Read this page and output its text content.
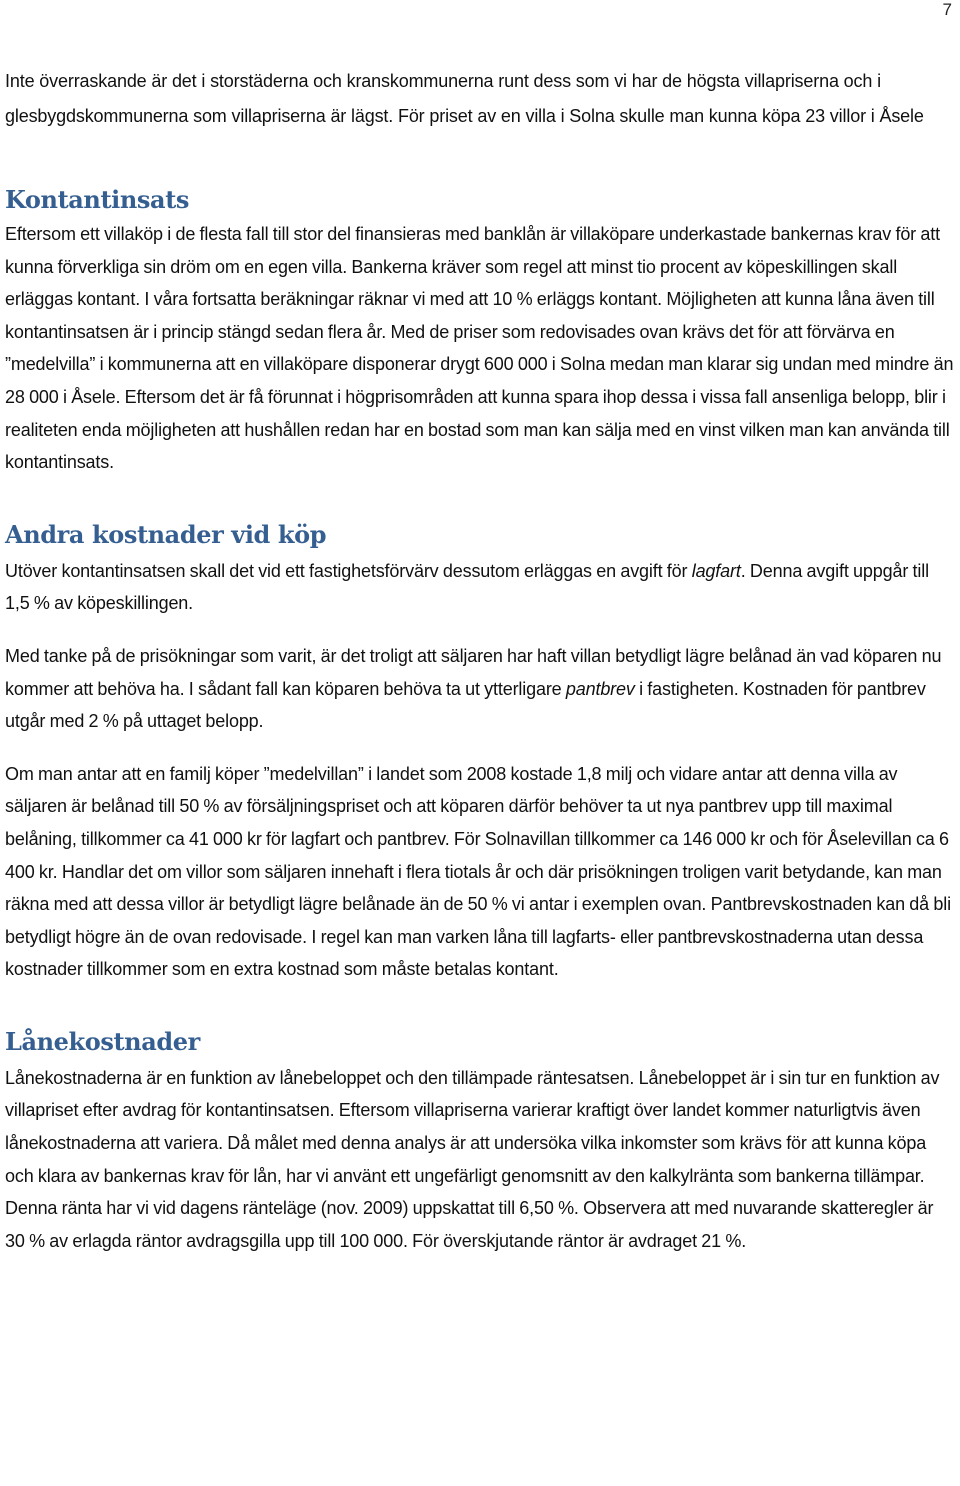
7

Inte överraskande är det i storstäderna och kranskommunerna runt dess som vi har de högsta villapriserna och i glesbygdskommunerna som villapriserna är lägst. För priset av en villa i Solna skulle man kunna köpa 23 villor i Åsele

Kontantinsats

Eftersom ett villaköp i de flesta fall till stor del finansieras med banklån är villaköpare underkastade bankernas krav för att kunna förverkliga sin dröm om en egen villa. Bankerna kräver som regel att minst tio procent av köpeskillingen skall erläggas kontant. I våra fortsatta beräkningar räknar vi med att 10 % erläggs kontant. Möjligheten att kunna låna även till kontantinsatsen är i princip stängd sedan flera år. Med de priser som redovisades ovan krävs det för att förvärva en ”medelvilla” i kommunerna att en villaköpare disponerar drygt 600 000 i Solna medan man klarar sig undan med mindre än 28 000 i Åsele. Eftersom det är få förunnat i högprisområden att kunna spara ihop dessa i vissa fall ansenliga belopp, blir i realiteten enda möjligheten att hushållen redan har en bostad som man kan sälja med en vinst vilken man kan använda till kontantinsats.

Andra kostnader vid köp

Utöver kontantinsatsen skall det vid ett fastighetsförvärv dessutom erläggas en avgift för lagfart. Denna avgift uppgår till 1,5 % av köpeskillingen.

Med tanke på de prisökningar som varit, är det troligt att säljaren har haft villan betydligt lägre belånad än vad köparen nu kommer att behöva ha. I sådant fall kan köparen behöva ta ut ytterligare pantbrev i fastigheten. Kostnaden för pantbrev utgår med 2 % på uttaget belopp.

Om man antar att en familj köper ”medelvillan” i landet som 2008 kostade 1,8 milj och vidare antar att denna villa av säljaren är belånad till 50 % av försäljningspriset och att köparen därför behöver ta ut nya pantbrev upp till maximal belåning, tillkommer ca 41 000 kr för lagfart och pantbrev. För Solnavillan tillkommer ca 146 000 kr och för Åselevillan ca 6 400 kr. Handlar det om villor som säljaren innehaft i flera tiotals år och där prisökningen troligen varit betydande, kan man räkna med att dessa villor är betydligt lägre belånade än de 50 % vi antar i exemplen ovan. Pantbrevskostnaden kan då bli betydligt högre än de ovan redovisade. I regel kan man varken låna till lagfarts- eller pantbrevskostnaderna utan dessa kostnader tillkommer som en extra kostnad som måste betalas kontant.

Lånekostnader

Lånekostnaderna är en funktion av lånebeloppet och den tillämpade räntesatsen. Lånebeloppet är i sin tur en funktion av villapriset efter avdrag för kontantinsatsen. Eftersom villapriserna varierar kraftigt över landet kommer naturligtvis även lånekostnaderna att variera. Då målet med denna analys är att undersöka vilka inkomster som krävs för att kunna köpa och klara av bankernas krav för lån, har vi använt ett ungefärligt genomsnitt av den kalkylränta som bankerna tillämpar. Denna ränta har vi vid dagens ränteläge (nov. 2009) uppskattat till 6,50 %. Observera att med nuvarande skatteregler är 30 % av erlagda räntor avdragsgilla upp till 100 000. För överskjutande räntor är avdraget 21 %.
